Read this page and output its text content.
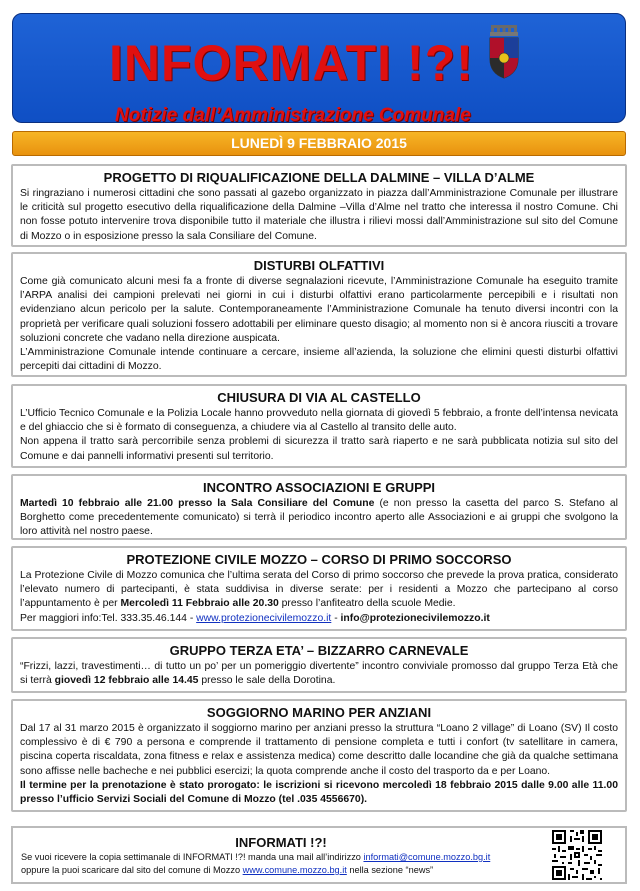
INFORMATI !?!
Notizie dall’Amministrazione Comunale
LUNEDÌ 9 FEBBRAIO 2015
PROGETTO DI RIQUALIFICAZIONE DELLA DALMINE – VILLA D’ALME

Si ringraziano i numerosi cittadini che sono passati al gazebo organizzato in piazza dall’Amministrazione Comunale per illustrare le criticità sul progetto esecutivo della riqualificazione della Dalmine –Villa d’Alme nel tratto che interessa il nostro Comune. Chi non fosse potuto intervenire trova disponibile tutto il materiale che illustra i rilievi mossi dall’Amministrazione sul sito del Comune di Mozzo o in esposizione presso la sala Consiliare del Comune.

DISTURBI OLFATTIVI

Come già comunicato alcuni mesi fa a fronte di diverse segnalazioni ricevute, l’Amministrazione Comunale ha eseguito tramite l’ARPA analisi dei campioni prelevati nei giorni in cui i disturbi olfattivi erano particolarmente percepibili e i risultati non evidenziano alcun pericolo per la salute. Contemporaneamente l’Amministrazione Comunale ha tenuto diversi incontri con la proprietà per verificare quali soluzioni fossero adottabili per eliminare questo disagio; al momento non si è ancora riusciti a trovare soluzioni concrete che vadano nella direzione auspicata.

L’Amministrazione Comunale intende continuare a cercare, insieme all’azienda, la soluzione che elimini questi disturbi olfattivi percepiti dai cittadini di Mozzo.

CHIUSURA DI VIA AL CASTELLO

L’Ufficio Tecnico Comunale e la Polizia Locale hanno provveduto nella giornata di giovedì 5 febbraio, a fronte dell’intensa nevicata e del ghiaccio che si è formato di conseguenza, a chiudere via al Castello al transito delle auto.

Non appena il tratto sarà percorribile senza problemi di sicurezza il tratto sarà riaperto e ne sarà pubblicata notizia sul sito del Comune e dai pannelli informativi presenti sul territorio.

INCONTRO ASSOCIAZIONI E GRUPPI

Martedì 10 febbraio alle 21.00 presso la Sala Consiliare del Comune (e non presso la casetta del parco S. Stefano al Borghetto come precedentemente comunicato) si terrà il periodico incontro aperto alle Associazioni e ai gruppi che svolgono la loro attività nel nostro paese.

PROTEZIONE CIVILE MOZZO – CORSO DI PRIMO SOCCORSO

La Protezione Civile di Mozzo comunica che l’ultima serata del Corso di primo soccorso che prevede la prova pratica, considerato l’elevato numero di partecipanti, è stata suddivisa in diverse serate: per i residenti a Mozzo che partecipano al corso l’appuntamento è per Mercoledì 11 Febbraio alle 20.30 presso l’anfiteatro della scuole Medie.

Per maggiori info:Tel. 333.35.46.144 - www.protezionecivilemozzo.it - info@protezionecivilemozzo.it

GRUPPO TERZA ETA’ – BIZZARRO CARNEVALE

“Frizzi, lazzi, travestimenti… di tutto un po’ per un pomeriggio divertente” incontro conviviale promosso dal gruppo Terza Età che si terrà giovedì 12 febbraio alle 14.45 presso le sale della Dorotina.

SOGGIORNO MARINO PER ANZIANI

Dal 17 al 31 marzo 2015 è organizzato il soggiorno marino per anziani presso la struttura “Loano 2 village” di Loano (SV) Il costo complessivo è di € 790 a persona e comprende il trattamento di pensione completa e tutti i confort (tv satellitare in camera, piscina coperta riscaldata, zona fitness e relax e assistenza medica) come descritto dalle locandine che già da qualche settimana sono affisse nelle bacheche e nei pubblici esercizi; la quota comprende anche il costo del trasporto da e per Loano.

Il termine per la prenotazione è stato prorogato: le iscrizioni si ricevono mercoledì 18 febbraio 2015 dalle 9.00 alle 11.00 presso l’ufficio Servizi Sociali del Comune di Mozzo (tel .035 4556670).

INFORMATI !?!
Se vuoi ricevere la copia settimanale di INFORMATI !?! manda una mail all’indirizzo informati@comune.mozzo.bg.it
oppure la puoi scaricare dal sito del comune di Mozzo www.comune.mozzo.bg.it nella sezione “news”
